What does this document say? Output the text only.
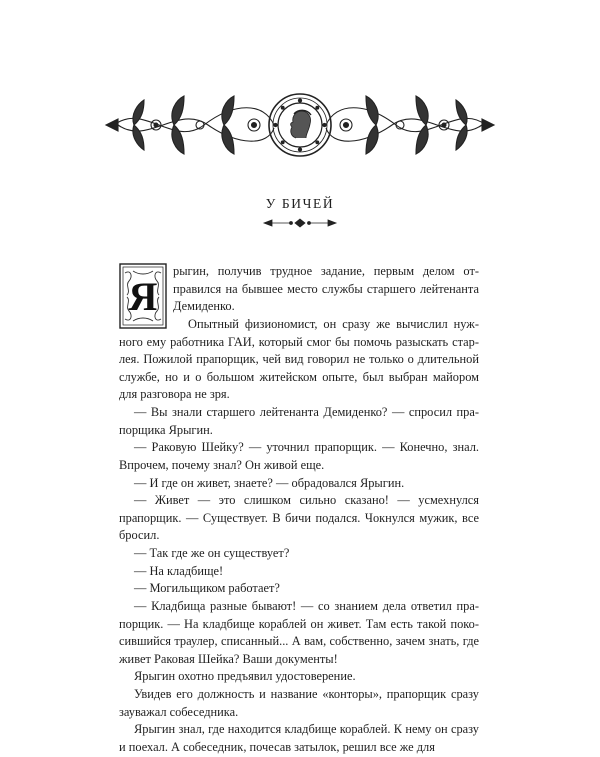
У БИЧЕЙ
Я

рыгин, получив трудное задание, первым делом отправился на бывшее место службы старшего лейтенанта Демиденко.

Опытный физиономист, он сразу же вычислил нужного ему работника ГАИ, который смог бы помочь разыскать старлея. Пожилой прапорщик, чей вид говорил не только о длительной службе, но и о большом житейском опыте, был выбран майором для разговора не зря.

— Вы знали старшего лейтенанта Демиденко? — спросил прапорщика Ярыгин.

— Раковую Шейку? — уточнил прапорщик. — Конечно, знал. Впрочем, почему знал? Он живой еще.

— И где он живет, знаете? — обрадовался Ярыгин.

— Живет — это слишком сильно сказано! — усмехнулся прапорщик. — Существует. В бичи подался. Чокнулся мужик, все бросил.

— Так где же он существует?

— На кладбище!

— Могильщиком работает?

— Кладбища разные бывают! — со знанием дела ответил прапорщик. — На кладбище кораблей он живет. Там есть такой покосившийся траулер, списанный... А вам, собственно, зачем знать, где живет Раковая Шейка? Ваши документы!

Ярыгин охотно предъявил удостоверение.

Увидев его должность и название «конторы», прапорщик сразу зауважал собеседника.

Ярыгин знал, где находится кладбище кораблей. К нему он сразу и поехал. А собеседник, почесав затылок, решил все же для
